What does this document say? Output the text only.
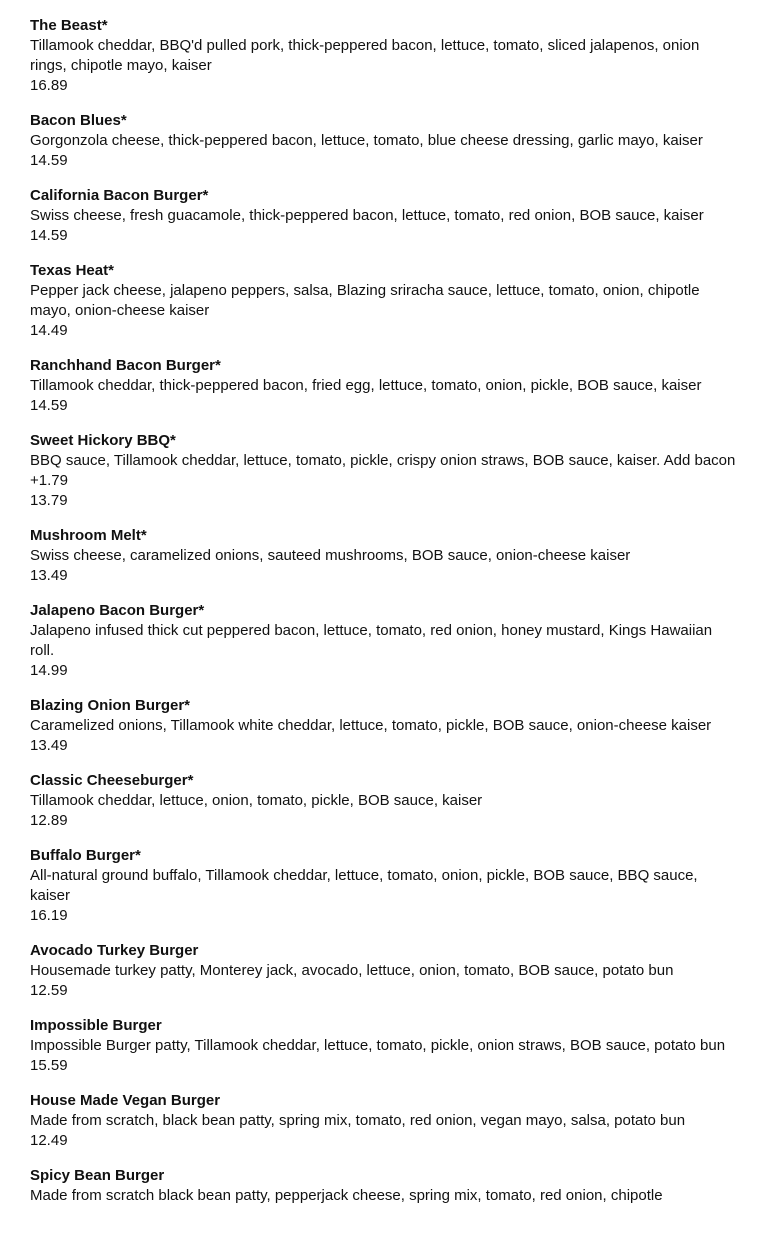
The Beast*

Tillamook cheddar, BBQ'd pulled pork, thick-peppered bacon, lettuce, tomato, sliced jalapenos, onion rings, chipotle mayo, kaiser

16.89

Bacon Blues*

Gorgonzola cheese, thick-peppered bacon, lettuce, tomato, blue cheese dressing, garlic mayo, kaiser

14.59

California Bacon Burger*

Swiss cheese, fresh guacamole, thick-peppered bacon, lettuce, tomato, red onion, BOB sauce, kaiser

14.59

Texas Heat*

Pepper jack cheese, jalapeno peppers, salsa, Blazing sriracha sauce, lettuce, tomato, onion, chipotle mayo, onion-cheese kaiser

14.49

Ranchhand Bacon Burger*

Tillamook cheddar, thick-peppered bacon, fried egg, lettuce, tomato, onion, pickle, BOB sauce, kaiser

14.59

Sweet Hickory BBQ*

BBQ sauce, Tillamook cheddar, lettuce, tomato, pickle, crispy onion straws, BOB sauce, kaiser. Add bacon +1.79

13.79

Mushroom Melt*

Swiss cheese, caramelized onions, sauteed mushrooms, BOB sauce, onion-cheese kaiser

13.49

Jalapeno Bacon Burger*

Jalapeno infused thick cut peppered bacon, lettuce, tomato, red onion, honey mustard, Kings Hawaiian roll.

14.99

Blazing Onion Burger*

Caramelized onions, Tillamook white cheddar, lettuce, tomato, pickle, BOB sauce, onion-cheese kaiser

13.49

Classic Cheeseburger*

Tillamook cheddar, lettuce, onion, tomato, pickle, BOB sauce, kaiser

12.89

Buffalo Burger*

All-natural ground buffalo, Tillamook cheddar, lettuce, tomato, onion, pickle, BOB sauce, BBQ sauce, kaiser

16.19

Avocado Turkey Burger

Housemade turkey patty, Monterey jack, avocado, lettuce, onion, tomato, BOB sauce, potato bun

12.59

Impossible Burger

Impossible Burger patty, Tillamook cheddar, lettuce, tomato, pickle, onion straws, BOB sauce, potato bun

15.59

House Made Vegan Burger

Made from scratch, black bean patty, spring mix, tomato, red onion, vegan mayo, salsa, potato bun

12.49

Spicy Bean Burger

Made from scratch black bean patty, pepperjack cheese, spring mix, tomato, red onion, chipotle
